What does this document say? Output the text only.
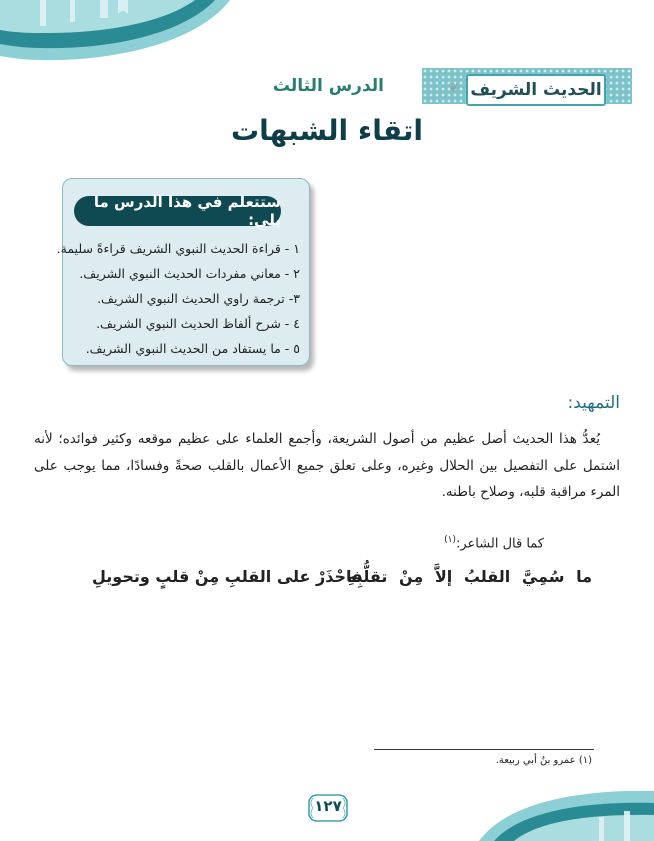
الحديث الشريف
❦
الدرس الثالث
اتقاء الشبهات
ستتعلم في هذا الدرس ما يلي:
١ - قراءة الحديث النبوي الشريف قراءةً سليمة.
٢ - معاني مفردات الحديث النبوي الشريف.
٣- ترجمة راوي الحديث النبوي الشريف.
٤ - شرح ألفاظ الحديث النبوي الشريف.
٥ - ما يستفاد من الحديث النبوي الشريف.
التمهيد:

يُعدُّ هذا الحديث أصل عظيم من أصول الشريعة، وأجمع العلماء على عظيم موقعه وكثير فوائده؛ لأنه اشتمل على التفصيل بين الحلال وغيره، وعلى تعلق جميع الأعمال بالقلب صحةً وفسادًا، مما يوجب على المرء مراقبة قلبه، وصلاح باطنه.

كما قال الشاعر:$^{(١)}$
ما سُمِيَّ القلبُ إلاَّ مِنْ تقلُّبِهِ
فاحْذَرْ على القلبِ مِنْ قلبٍ وتحويلِ
(١) عمرو بنُ أبي ربيعة.
١٢٧
